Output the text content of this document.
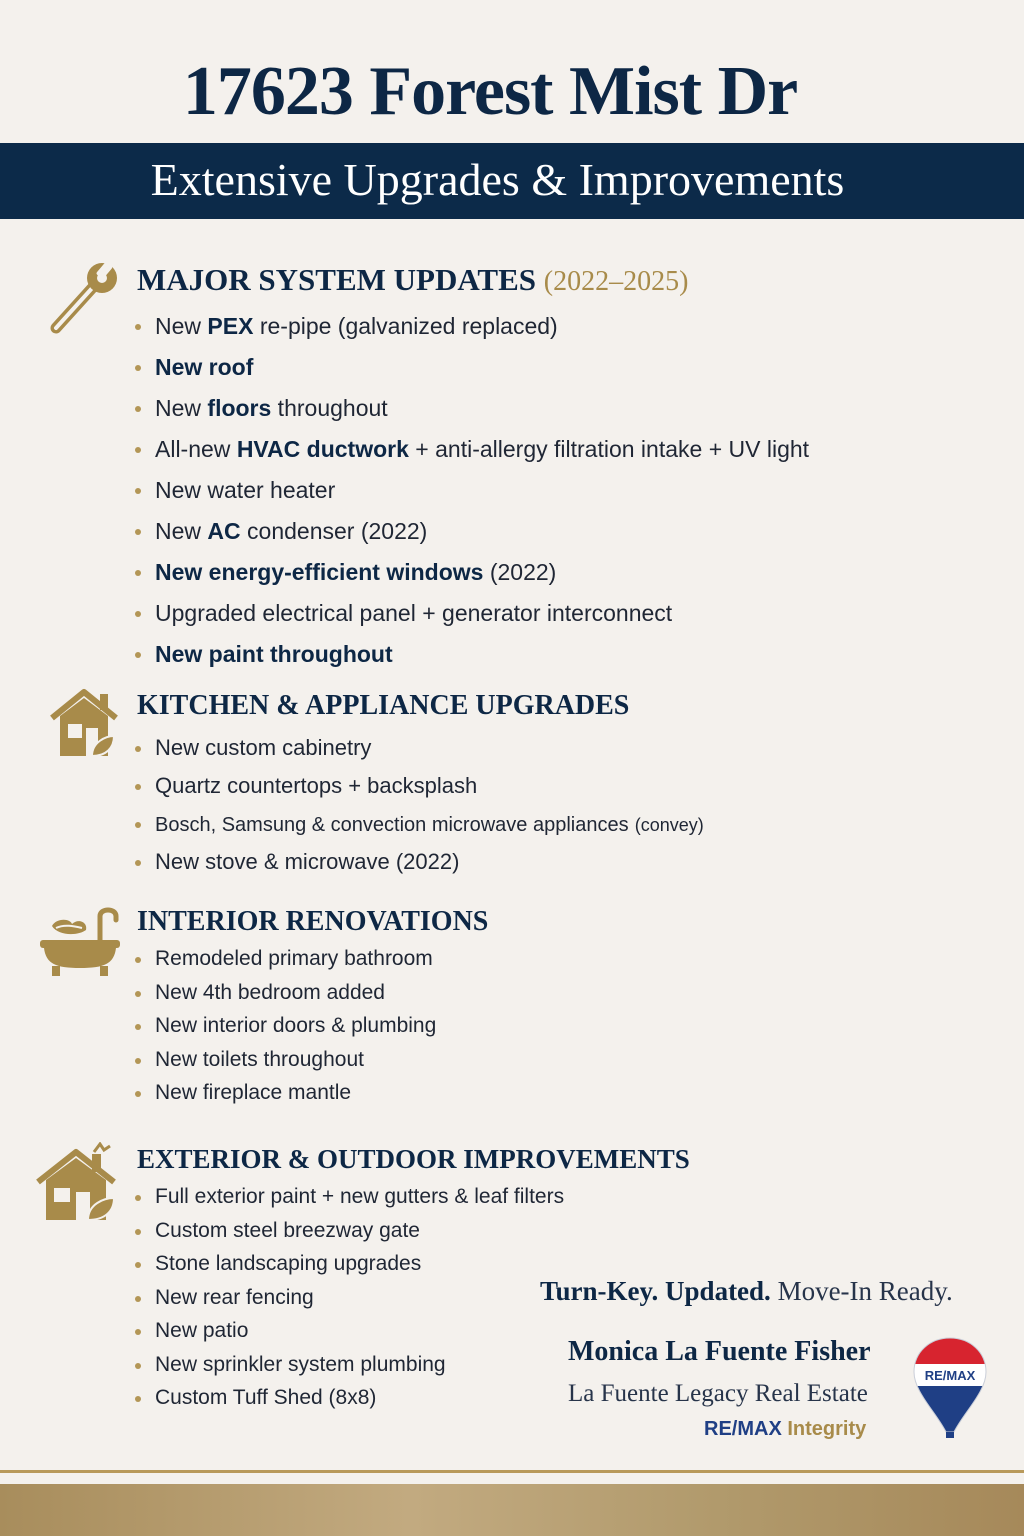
17623 Forest Mist Dr
Extensive Upgrades & Improvements
MAJOR SYSTEM UPDATES (2022–2025)
New PEX re-pipe (galvanized replaced)
New roof
New floors throughout
All-new HVAC ductwork + anti-allergy filtration intake + UV light
New water heater
New AC condenser (2022)
New energy-efficient windows (2022)
Upgraded electrical panel + generator interconnect
New paint throughout
KITCHEN & APPLIANCE UPGRADES
New custom cabinetry
Quartz countertops + backsplash
Bosch, Samsung & convection microwave appliances (convey)
New stove & microwave (2022)
INTERIOR RENOVATIONS
Remodeled primary bathroom
New 4th bedroom added
New interior doors & plumbing
New toilets throughout
New fireplace mantle
EXTERIOR & OUTDOOR IMPROVEMENTS
Full exterior paint + new gutters & leaf filters
Custom steel breezway gate
Stone landscaping upgrades
New rear fencing
New patio
New sprinkler system plumbing
Custom Tuff Shed (8x8)
Turn-Key. Updated. Move-In Ready.
Monica La Fuente Fisher
La Fuente Legacy Real Estate
RE/MAX Integrity
RE/MAX
